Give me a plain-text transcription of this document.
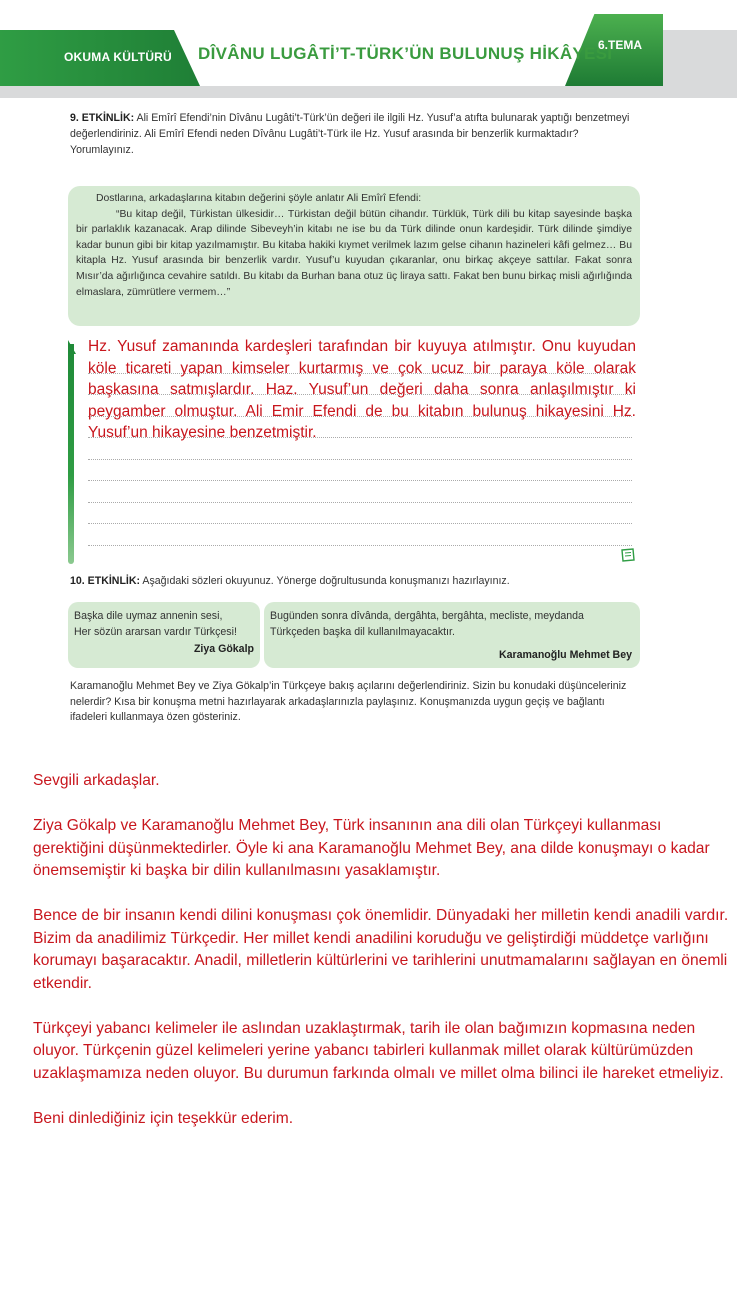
OKUMA KÜLTÜRÜ DÎVÂNU LUGÂTİ’T-TÜRK’ÜN BULUNUŞ HİKÂYESİ
6.TEMA
9. ETKİNLİK: Ali Emîrî Efendi’nin Dîvânu Lugâti’t-Türk’ün değeri ile ilgili Hz. Yusuf’a atıfta bulunarak yaptığı benzetmeyi değerlendiriniz. Ali Emîrî Efendi neden Dîvânu Lugâti’t-Türk ile Hz. Yusuf arasında bir benzerlik kurmaktadır? Yorumlayınız.

Dostlarına, arkadaşlarına kitabın değerini şöyle anlatır Ali Emîrî Efendi:

“Bu kitap değil, Türkistan ülkesidir… Türkistan değil bütün cihandır. Türklük, Türk dili bu kitap sayesinde başka bir parlaklık kazanacak. Arap dilinde Sibeveyh’in kitabı ne ise bu da Türk dilinde onun kardeşidir. Türk dilinde şimdiye kadar bunun gibi bir kitap yazılmamıştır. Bu kitaba hakiki kıymet verilmek lazım gelse cihanın hazineleri kâfi gelmez… Bu kitapla Hz. Yusuf arasında bir benzerlik vardır. Yusuf’u kuyudan çıkaranlar, onu birkaç akçeye sattılar. Fakat sonra Mısır’da ağırlığınca cevahire satıldı. Bu kitabı da Burhan bana otuz üç liraya sattı. Fakat ben bunu birkaç misli ağırlığında elmaslara, zümrütlere vermem…”

Hz. Yusuf zamanında kardeşleri tarafından bir kuyuya atılmıştır. Onu kuyudan köle ticareti yapan kimseler kurtarmış ve çok ucuz bir paraya köle olarak başkasına satmışlardır. Haz. Yusuf’un değeri daha sonra anlaşılmıştır ki peygamber olmuştur. Ali Emir Efendi de bu kitabın bulunuş hikayesini Hz. Yusuf’un hikayesine benzetmiştir.
10. ETKİNLİK: Aşağıdaki sözleri okuyunuz. Yönerge doğrultusunda konuşmanızı hazırlayınız.
Başka dile uymaz annenin sesi,
Her sözün ararsan vardır Türkçesi!
Ziya Gökalp
Bugünden sonra dîvânda, dergâhta, bergâhta, mecliste, meydanda Türkçeden başka dil kullanılmayacaktır.
Karamanoğlu Mehmet Bey
Karamanoğlu Mehmet Bey ve Ziya Gökalp’in Türkçeye bakış açılarını değerlendiriniz. Sizin bu konudaki düşünceleriniz nelerdir? Kısa bir konuşma metni hazırlayarak arkadaşlarınızla paylaşınız. Konuşmanızda uygun geçiş ve bağlantı ifadeleri kullanmaya özen gösteriniz.

Sevgili arkadaşlar.

Ziya Gökalp ve Karamanoğlu Mehmet Bey, Türk insanının ana dili olan Türkçeyi kullanması gerektiğini düşünmektedirler. Öyle ki ana Karamanoğlu Mehmet Bey, ana dilde konuşmayı o kadar önemsemiştir ki başka bir dilin kullanılmasını yasaklamıştır.

Bence de bir insanın kendi dilini konuşması çok önemlidir. Dünyadaki her milletin kendi anadili vardır. Bizim da anadilimiz Türkçedir. Her millet kendi anadilini koruduğu ve geliştirdiği müddetçe varlığını korumayı başaracaktır. Anadil, milletlerin kültürlerini ve tarihlerini unutmamalarını sağlayan en önemli etkendir.

Türkçeyi yabancı kelimeler ile aslından uzaklaştırmak, tarih ile olan bağımızın kopmasına neden oluyor. Türkçenin güzel kelimeleri yerine yabancı tabirleri kullanmak millet olarak kültürümüzden uzaklaşmamıza neden oluyor. Bu durumun farkında olmalı ve millet olma bilinci ile hareket etmeliyiz.

Beni dinlediğiniz için teşekkür ederim.
